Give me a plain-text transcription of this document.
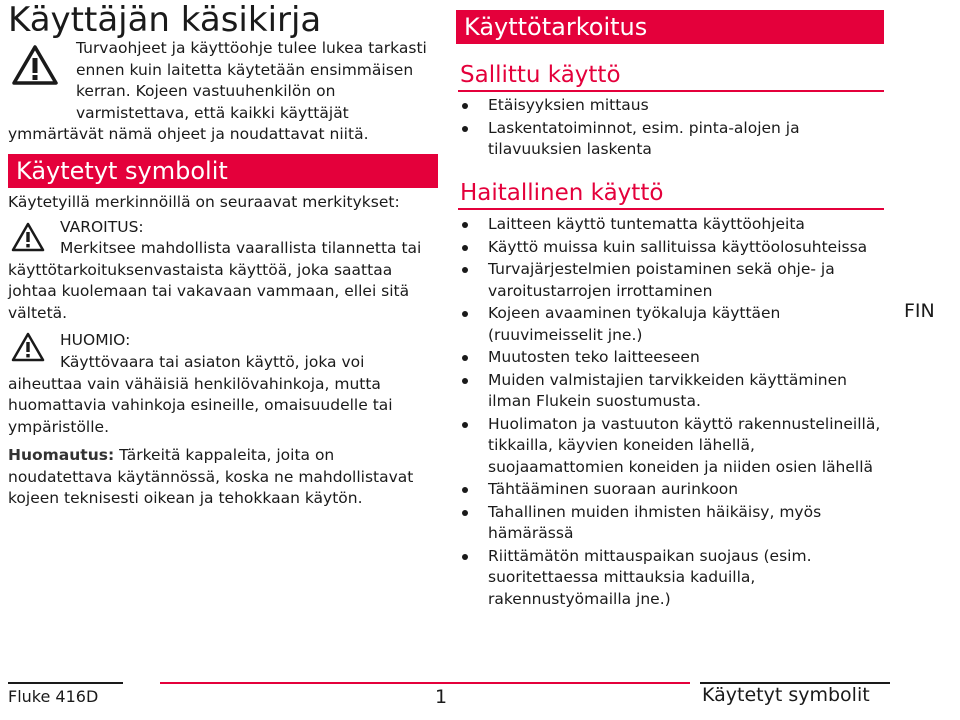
Käyttäjän käsikirja
Turvaohjeet ja käyttöohje tulee lukea tarkasti ennen kuin laitetta käytetään ensimmäisen kerran. Kojeen vastuuhenkilön on varmistettava, että kaikki käyttäjät ymmärtävät nämä ohjeet ja noudattavat niitä.
Käytetyt symbolit
Käytetyillä merkinnöillä on seuraavat merkitykset:
VAROITUS:
Merkitsee mahdollista vaarallista tilannetta tai käyttötarkoituksenvastaista käyttöä, joka saattaa johtaa kuolemaan tai vakavaan vammaan, ellei sitä vältetä.
HUOMIO:
Käyttövaara tai asiaton käyttö, joka voi aiheuttaa vain vähäisiä henkilövahinkoja, mutta huomattavia vahinkoja esineille, omaisuudelle tai ympäristölle.
Huomautus: Tärkeitä kappaleita, joita on noudatettava käytännössä, koska ne mahdollistavat kojeen teknisesti oikean ja tehokkaan käytön.
Käyttötarkoitus
Sallittu käyttö
Etäisyyksien mittaus
Laskentatoiminnot, esim. pinta-alojen ja tilavuuksien laskenta
Haitallinen käyttö
Laitteen käyttö tuntematta käyttöohjeita
Käyttö muissa kuin sallituissa käyttöolosuhteissa
Turvajärjestelmien poistaminen sekä ohje- ja varoitustarrojen irrottaminen
Kojeen avaaminen työkaluja käyttäen (ruuvimeisselit jne.)
Muutosten teko laitteeseen
Muiden valmistajien tarvikkeiden käyttäminen ilman Flukein suostumusta.
Huolimaton ja vastuuton käyttö rakennustelineillä, tikkailla, käyvien koneiden lähellä, suojaamattomien koneiden ja niiden osien lähellä
Tähtääminen suoraan aurinkoon
Tahallinen muiden ihmisten häikäisy, myös hämärässä
Riittämätön mittauspaikan suojaus (esim. suoritettaessa mittauksia kaduilla, rakennustyömailla jne.)
FIN
Fluke 416D	1	Käytetyt symbolit
